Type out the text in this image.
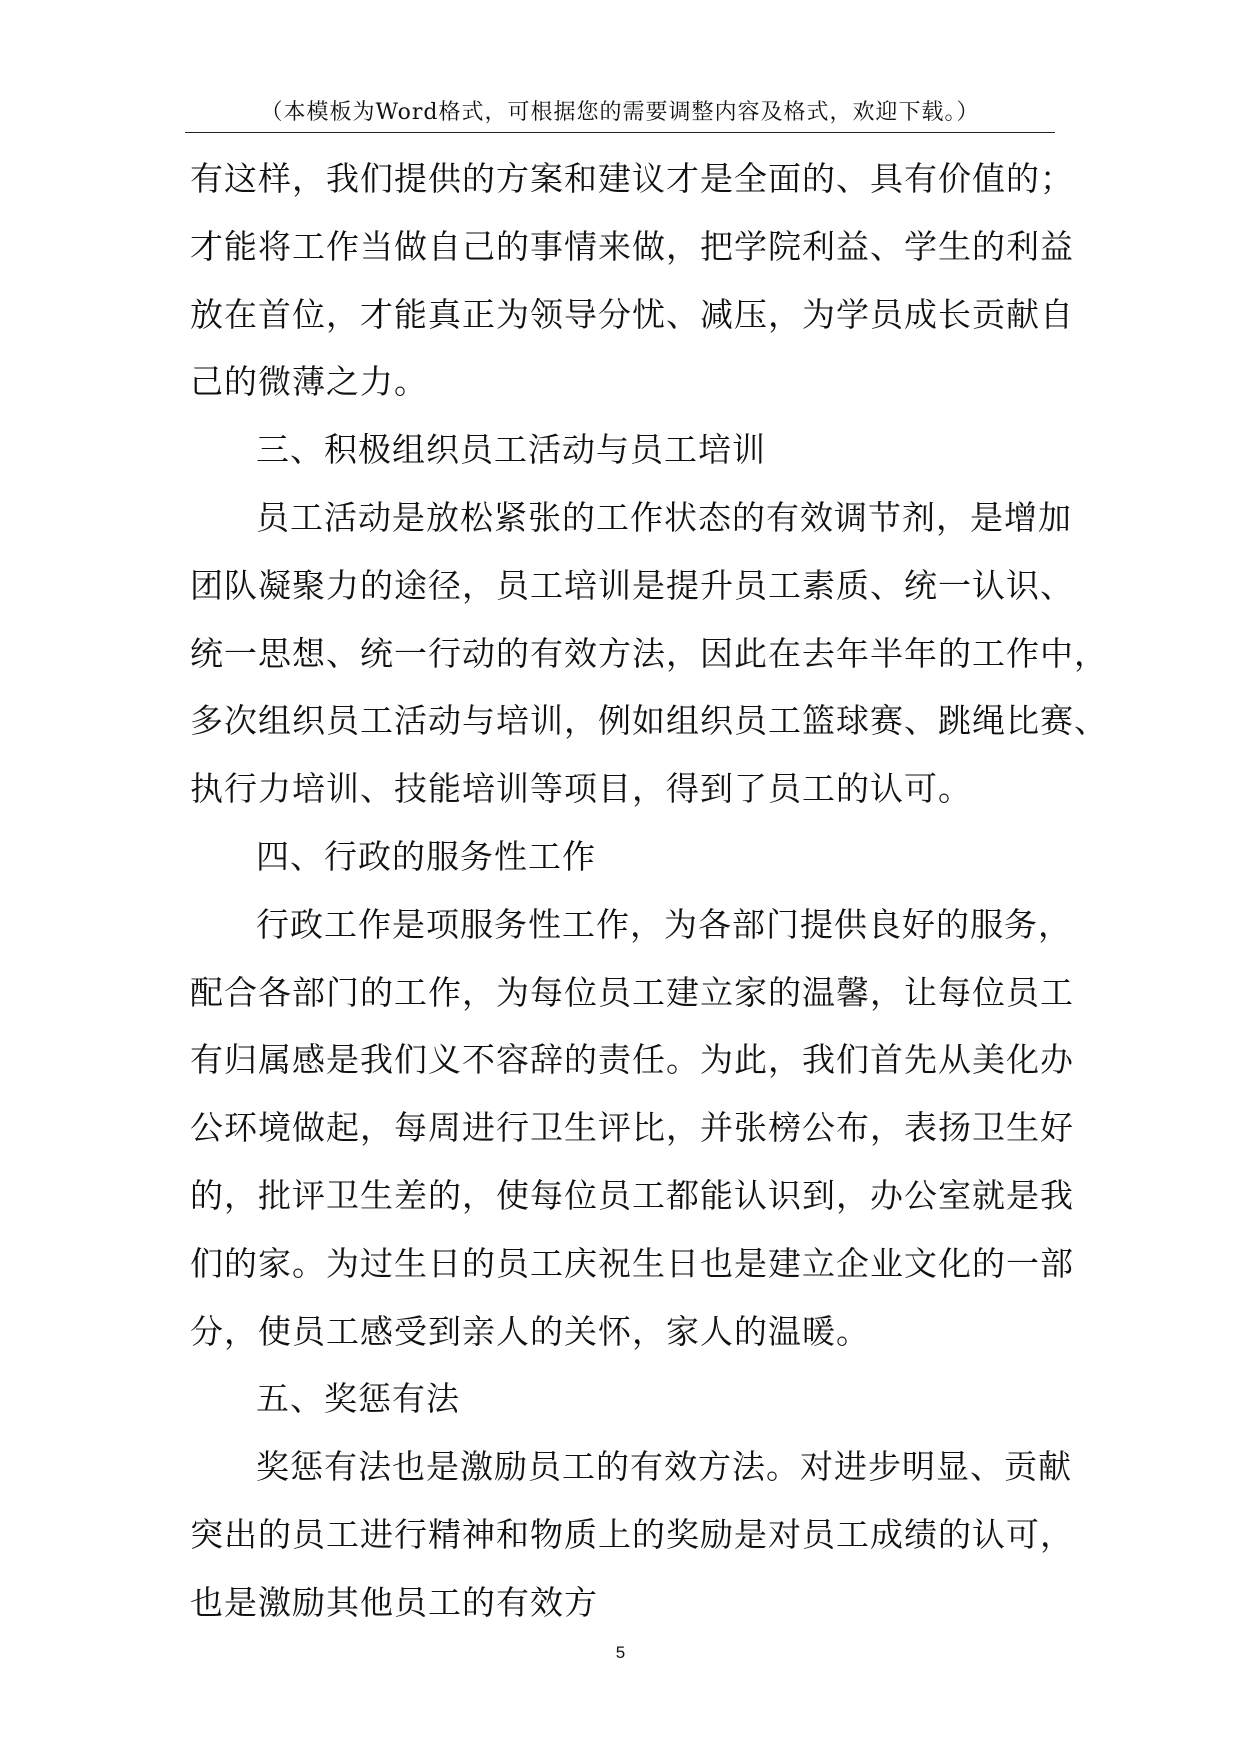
（本模板为Word格式，可根据您的需要调整内容及格式，欢迎下载。）
有这样，我们提供的方案和建议才是全面的、具有价值的；
才能将工作当做自己的事情来做，把学院利益、学生的利益
放在首位，才能真正为领导分忧、减压，为学员成长贡献自
己的微薄之力。
三、积极组织员工活动与员工培训
员工活动是放松紧张的工作状态的有效调节剂，是增加
团队凝聚力的途径，员工培训是提升员工素质、统一认识、
统一思想、统一行动的有效方法，因此在去年半年的工作中，
多次组织员工活动与培训，例如组织员工篮球赛、跳绳比赛、
执行力培训、技能培训等项目，得到了员工的认可。
四、行政的服务性工作
行政工作是项服务性工作，为各部门提供良好的服务，
配合各部门的工作，为每位员工建立家的温馨，让每位员工
有归属感是我们义不容辞的责任。为此，我们首先从美化办
公环境做起，每周进行卫生评比，并张榜公布，表扬卫生好
的，批评卫生差的，使每位员工都能认识到，办公室就是我
们的家。为过生日的员工庆祝生日也是建立企业文化的一部
分，使员工感受到亲人的关怀，家人的温暖。
五、奖惩有法
奖惩有法也是激励员工的有效方法。对进步明显、贡献
突出的员工进行精神和物质上的奖励是对员工成绩的认可，
也是激励其他员工的有效方
5
